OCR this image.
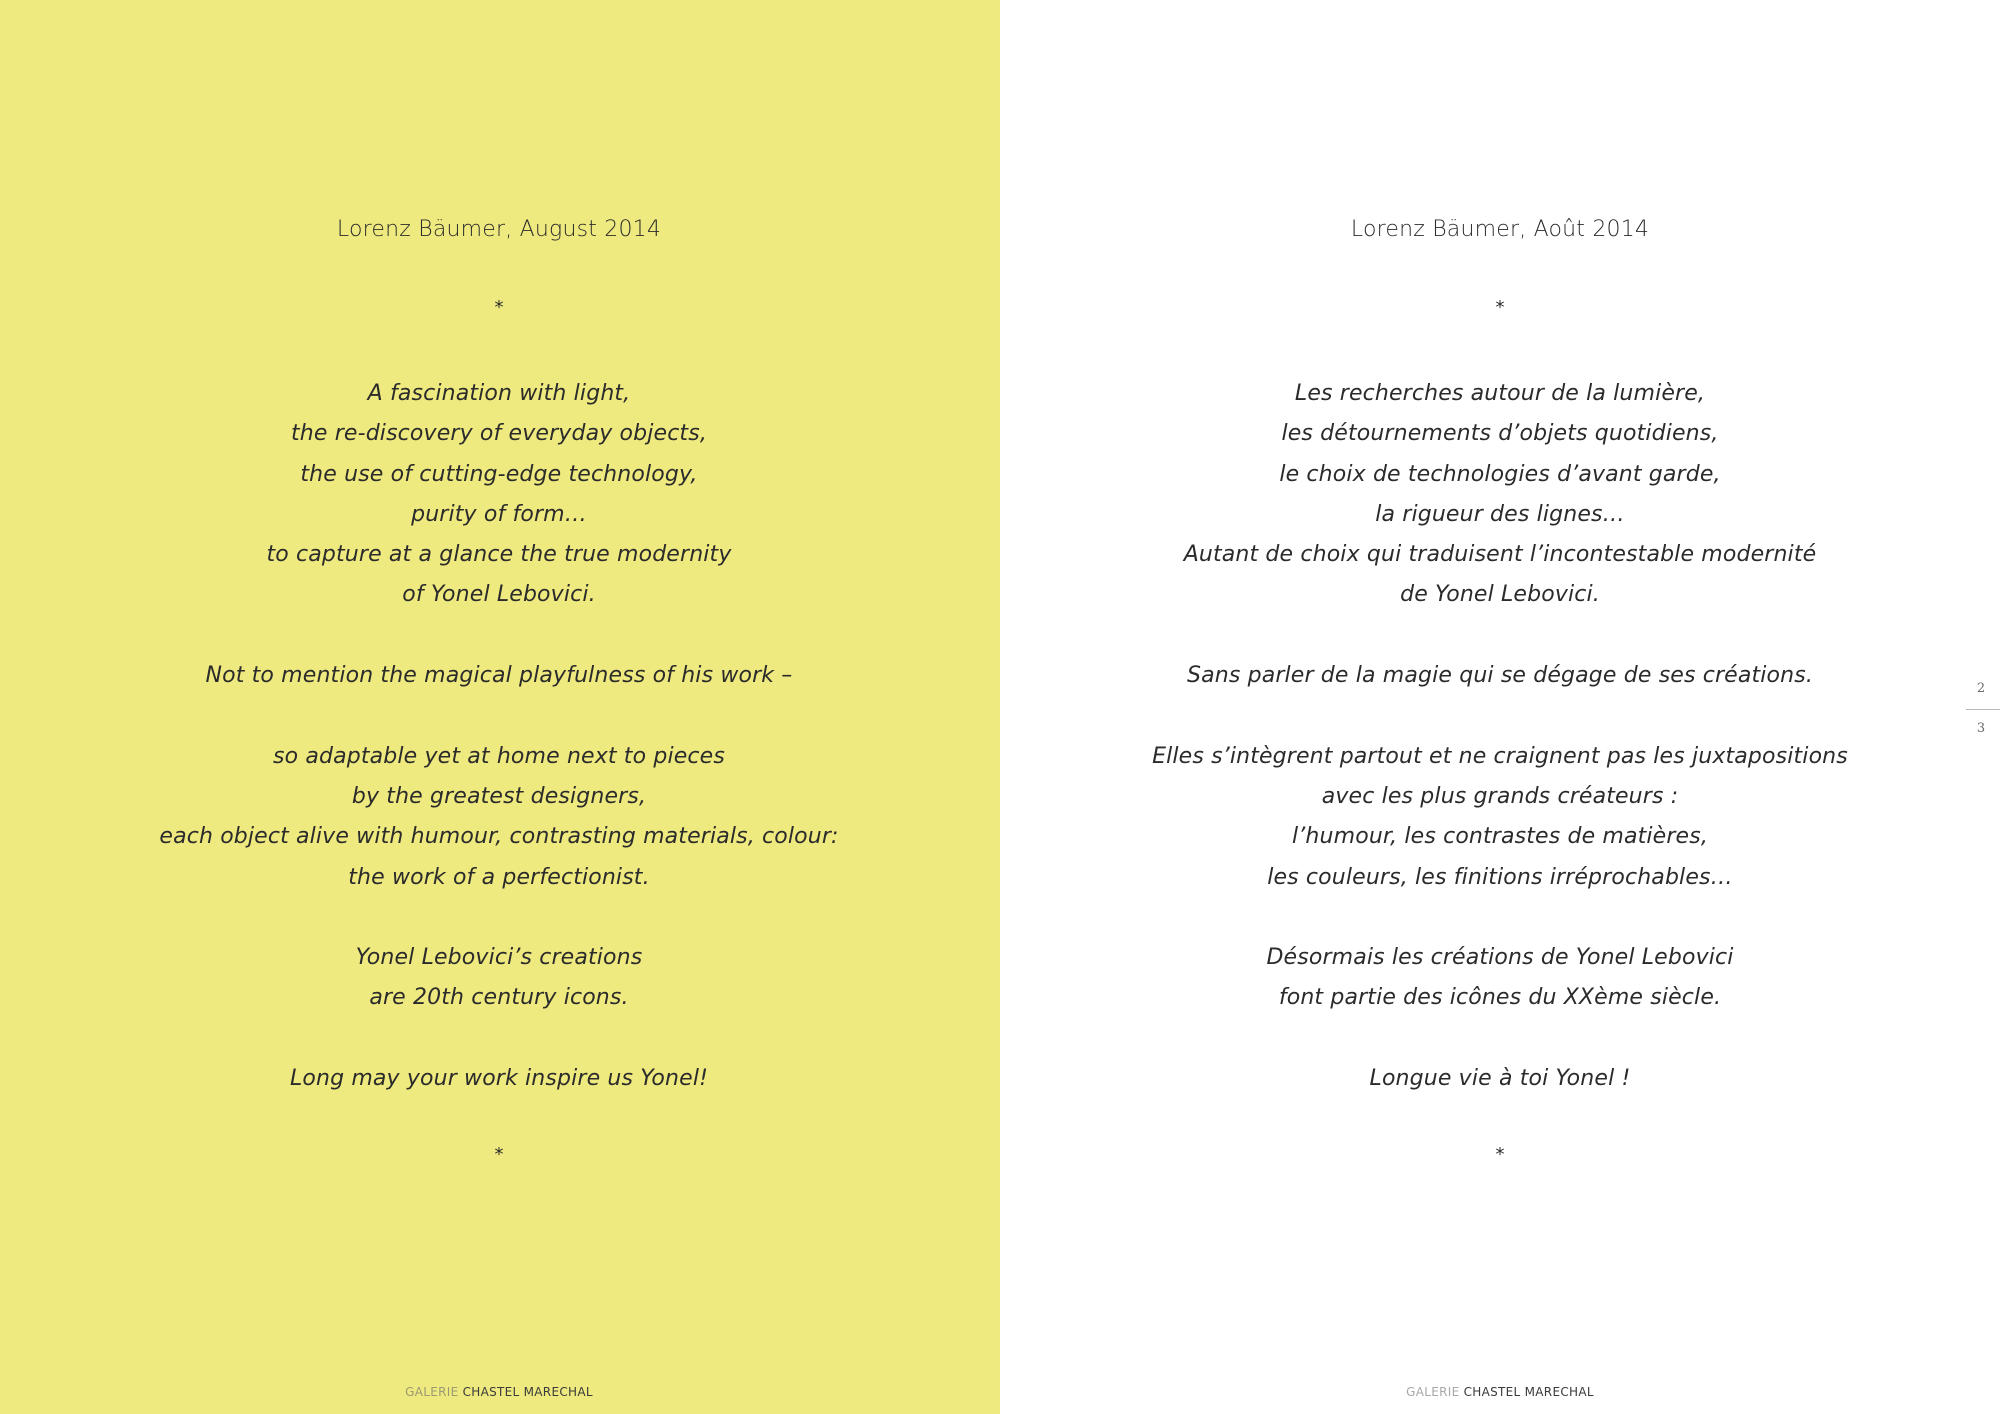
Lorenz Bäumer, August 2014
*
A fascination with light,
the re-discovery of everyday objects,
the use of cutting-edge technology,
purity of form…
to capture at a glance the true modernity
of Yonel Lebovici.
Not to mention the magical playfulness of his work –
so adaptable yet at home next to pieces
by the greatest designers,
each object alive with humour, contrasting materials, colour:
the work of a perfectionist.
Yonel Lebovici’s creations
are 20th century icons.
Long may your work inspire us Yonel!
*
GALERIE CHASTEL MARECHAL
Lorenz Bäumer, Août 2014
*
Les recherches autour de la lumière,
les détournements d’objets quotidiens,
le choix de technologies d’avant garde,
la rigueur des lignes…
Autant de choix qui traduisent l’incontestable modernité
de Yonel Lebovici.
Sans parler de la magie qui se dégage de ses créations.
Elles s’intègrent partout et ne craignent pas les juxtapositions
avec les plus grands créateurs :
l’humour, les contrastes de matières,
les couleurs, les finitions irréprochables…
Désormais les créations de Yonel Lebovici
font partie des icônes du XXème siècle.
Longue vie à toi Yonel !
*
GALERIE CHASTEL MARECHAL
2
3
